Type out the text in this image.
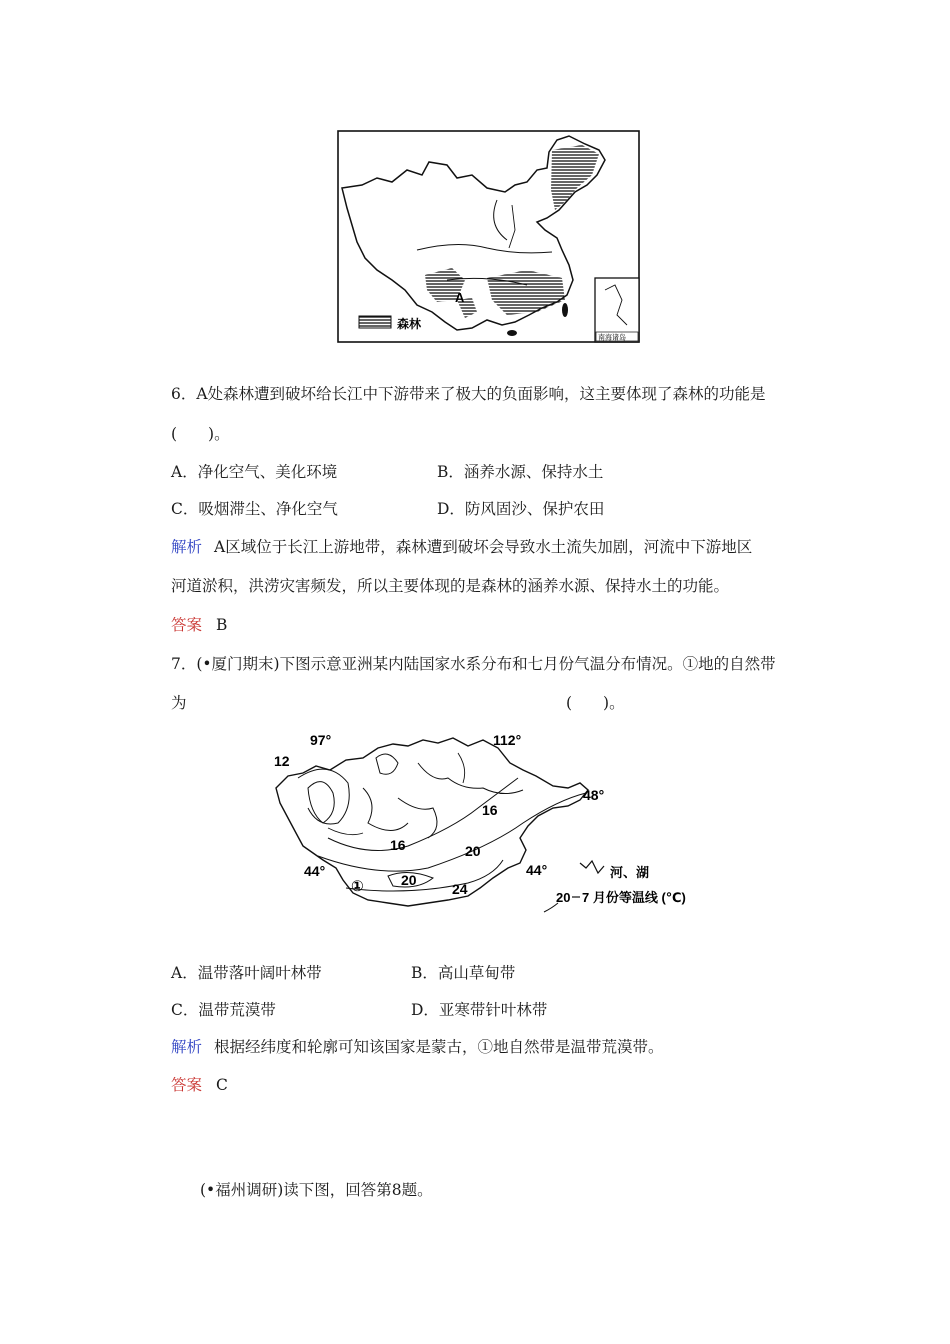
A
森林
南海诸岛
6．A处森林遭到破坏给长江中下游带来了极大的负面影响，这主要体现了森林的功能是
(　　)。
A．净化空气、美化环境	B．涵养水源、保持水土
C．吸烟滞尘、净化空气	D．防风固沙、保护农田
解析 A区域位于长江上游地带，森林遭到破坏会导致水土流失加剧，河流中下游地区
河道淤积，洪涝灾害频发，所以主要体现的是森林的涵养水源、保持水土的功能。
答案 B
7．(•厦门期末)下图示意亚洲某内陆国家水系分布和七月份气温分布情况。①地的自然带
为	(　　)。
97°	112°
48°
44°	44°
12
16
16	20
20
24
①
河、湖
20 7 月份等温线 (℃)
A．温带落叶阔叶林带	B．高山草甸带
C．温带荒漠带	D．亚寒带针叶林带
解析 根据经纬度和轮廓可知该国家是蒙古，①地自然带是温带荒漠带。
答案 C
(•福州调研)读下图，回答第8题。
